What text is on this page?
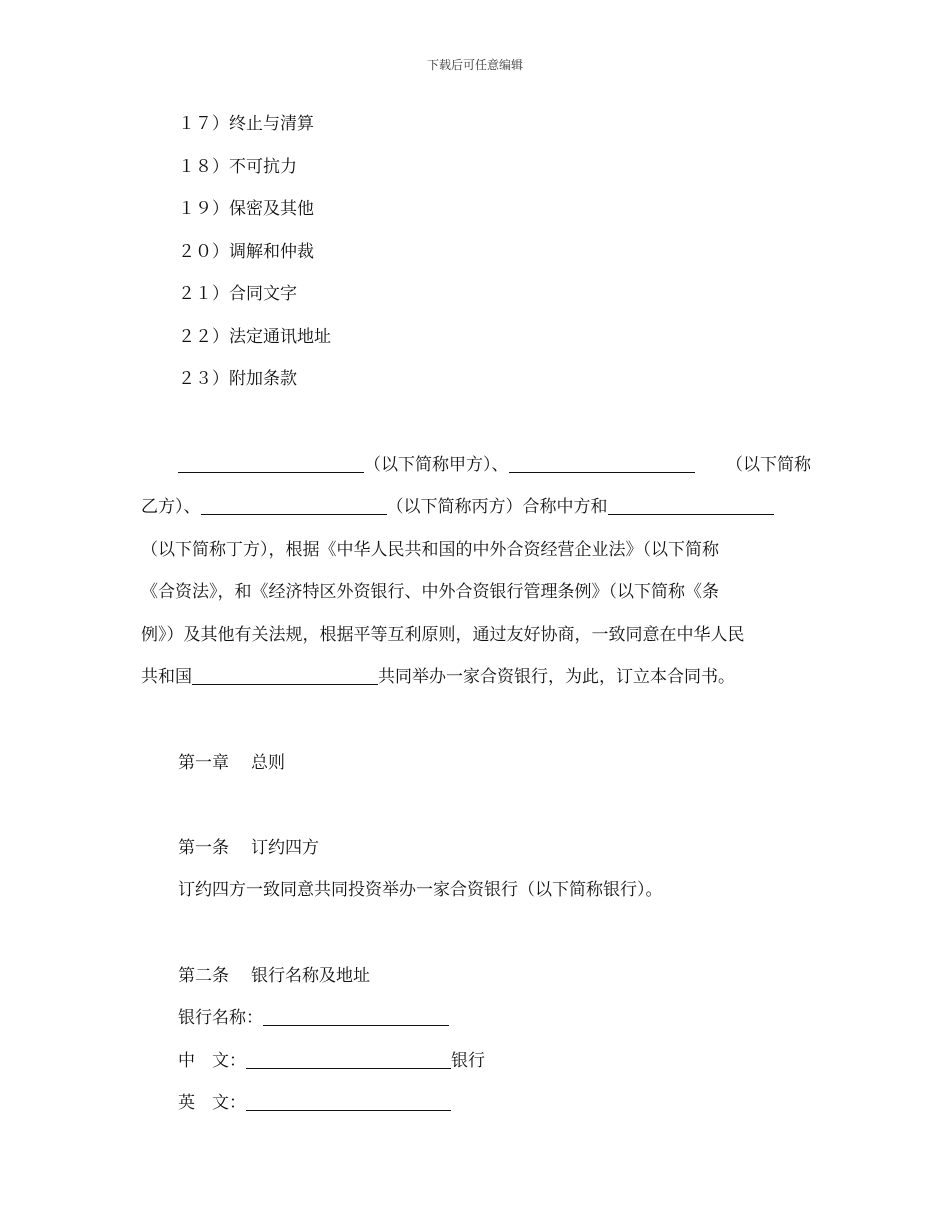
下载后可任意编辑
１７）终止与清算
１８）不可抗力
１９）保密及其他
２０）调解和仲裁
２１）合同文字
２２）法定通讯地址
２３）附加条款
（以下简称甲方）、	（以下简称
乙方）、	（以下简称丙方）合称中方和
（以下简称丁方），根据《中华人民共和国的中外合资经营企业法》（以下简称
《合资法》，和《经济特区外资银行、中外合资银行管理条例》（以下简称《条
例》）及其他有关法规，根据平等互利原则，通过友好协商，一致同意在中华人民
共和国	共同举办一家合资银行，为此，订立本合同书。
第一章 总则
第一条 订约四方
订约四方一致同意共同投资举办一家合资银行（以下简称银行）。
第二条 银行名称及地址
银行名称：
中　文：	银行
英　文：
